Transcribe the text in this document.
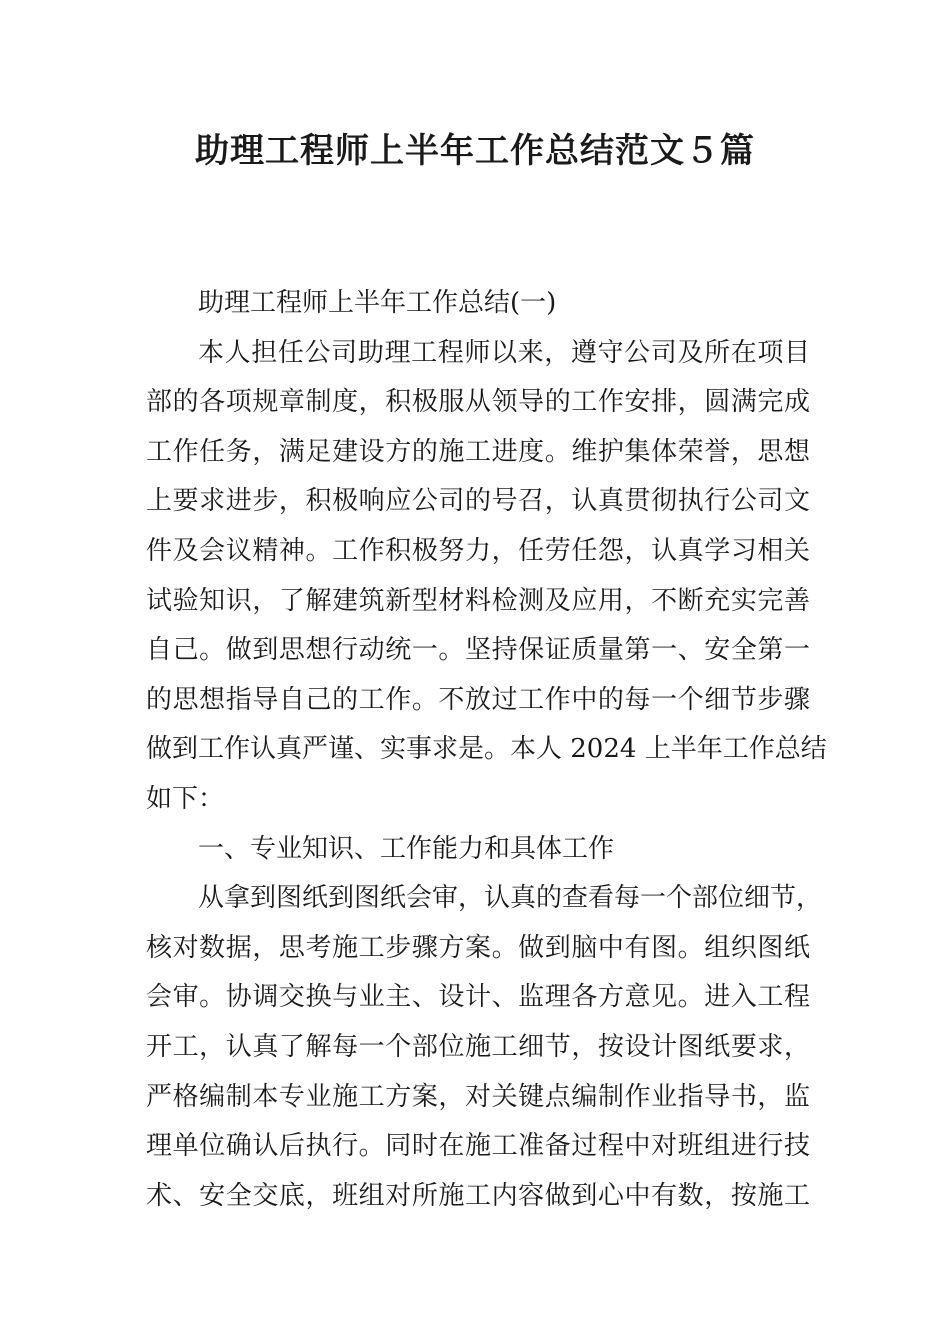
助理工程师上半年工作总结范文５篇
助理工程师上半年工作总结(一)
本人担任公司助理工程师以来，遵守公司及所在项目
部的各项规章制度，积极服从领导的工作安排，圆满完成
工作任务，满足建设方的施工进度。维护集体荣誉，思想
上要求进步，积极响应公司的号召，认真贯彻执行公司文
件及会议精神。工作积极努力，任劳任怨，认真学习相关
试验知识，了解建筑新型材料检测及应用，不断充实完善
自己。做到思想行动统一。坚持保证质量第一、安全第一
的思想指导自己的工作。不放过工作中的每一个细节步骤
做到工作认真严谨、实事求是。本人 2024 上半年工作总结
如下：
一、专业知识、工作能力和具体工作
从拿到图纸到图纸会审，认真的查看每一个部位细节，
核对数据，思考施工步骤方案。做到脑中有图。组织图纸
会审。协调交换与业主、设计、监理各方意见。进入工程
开工，认真了解每一个部位施工细节，按设计图纸要求，
严格编制本专业施工方案，对关键点编制作业指导书，监
理单位确认后执行。同时在施工准备过程中对班组进行技
术、安全交底，班组对所施工内容做到心中有数，按施工
